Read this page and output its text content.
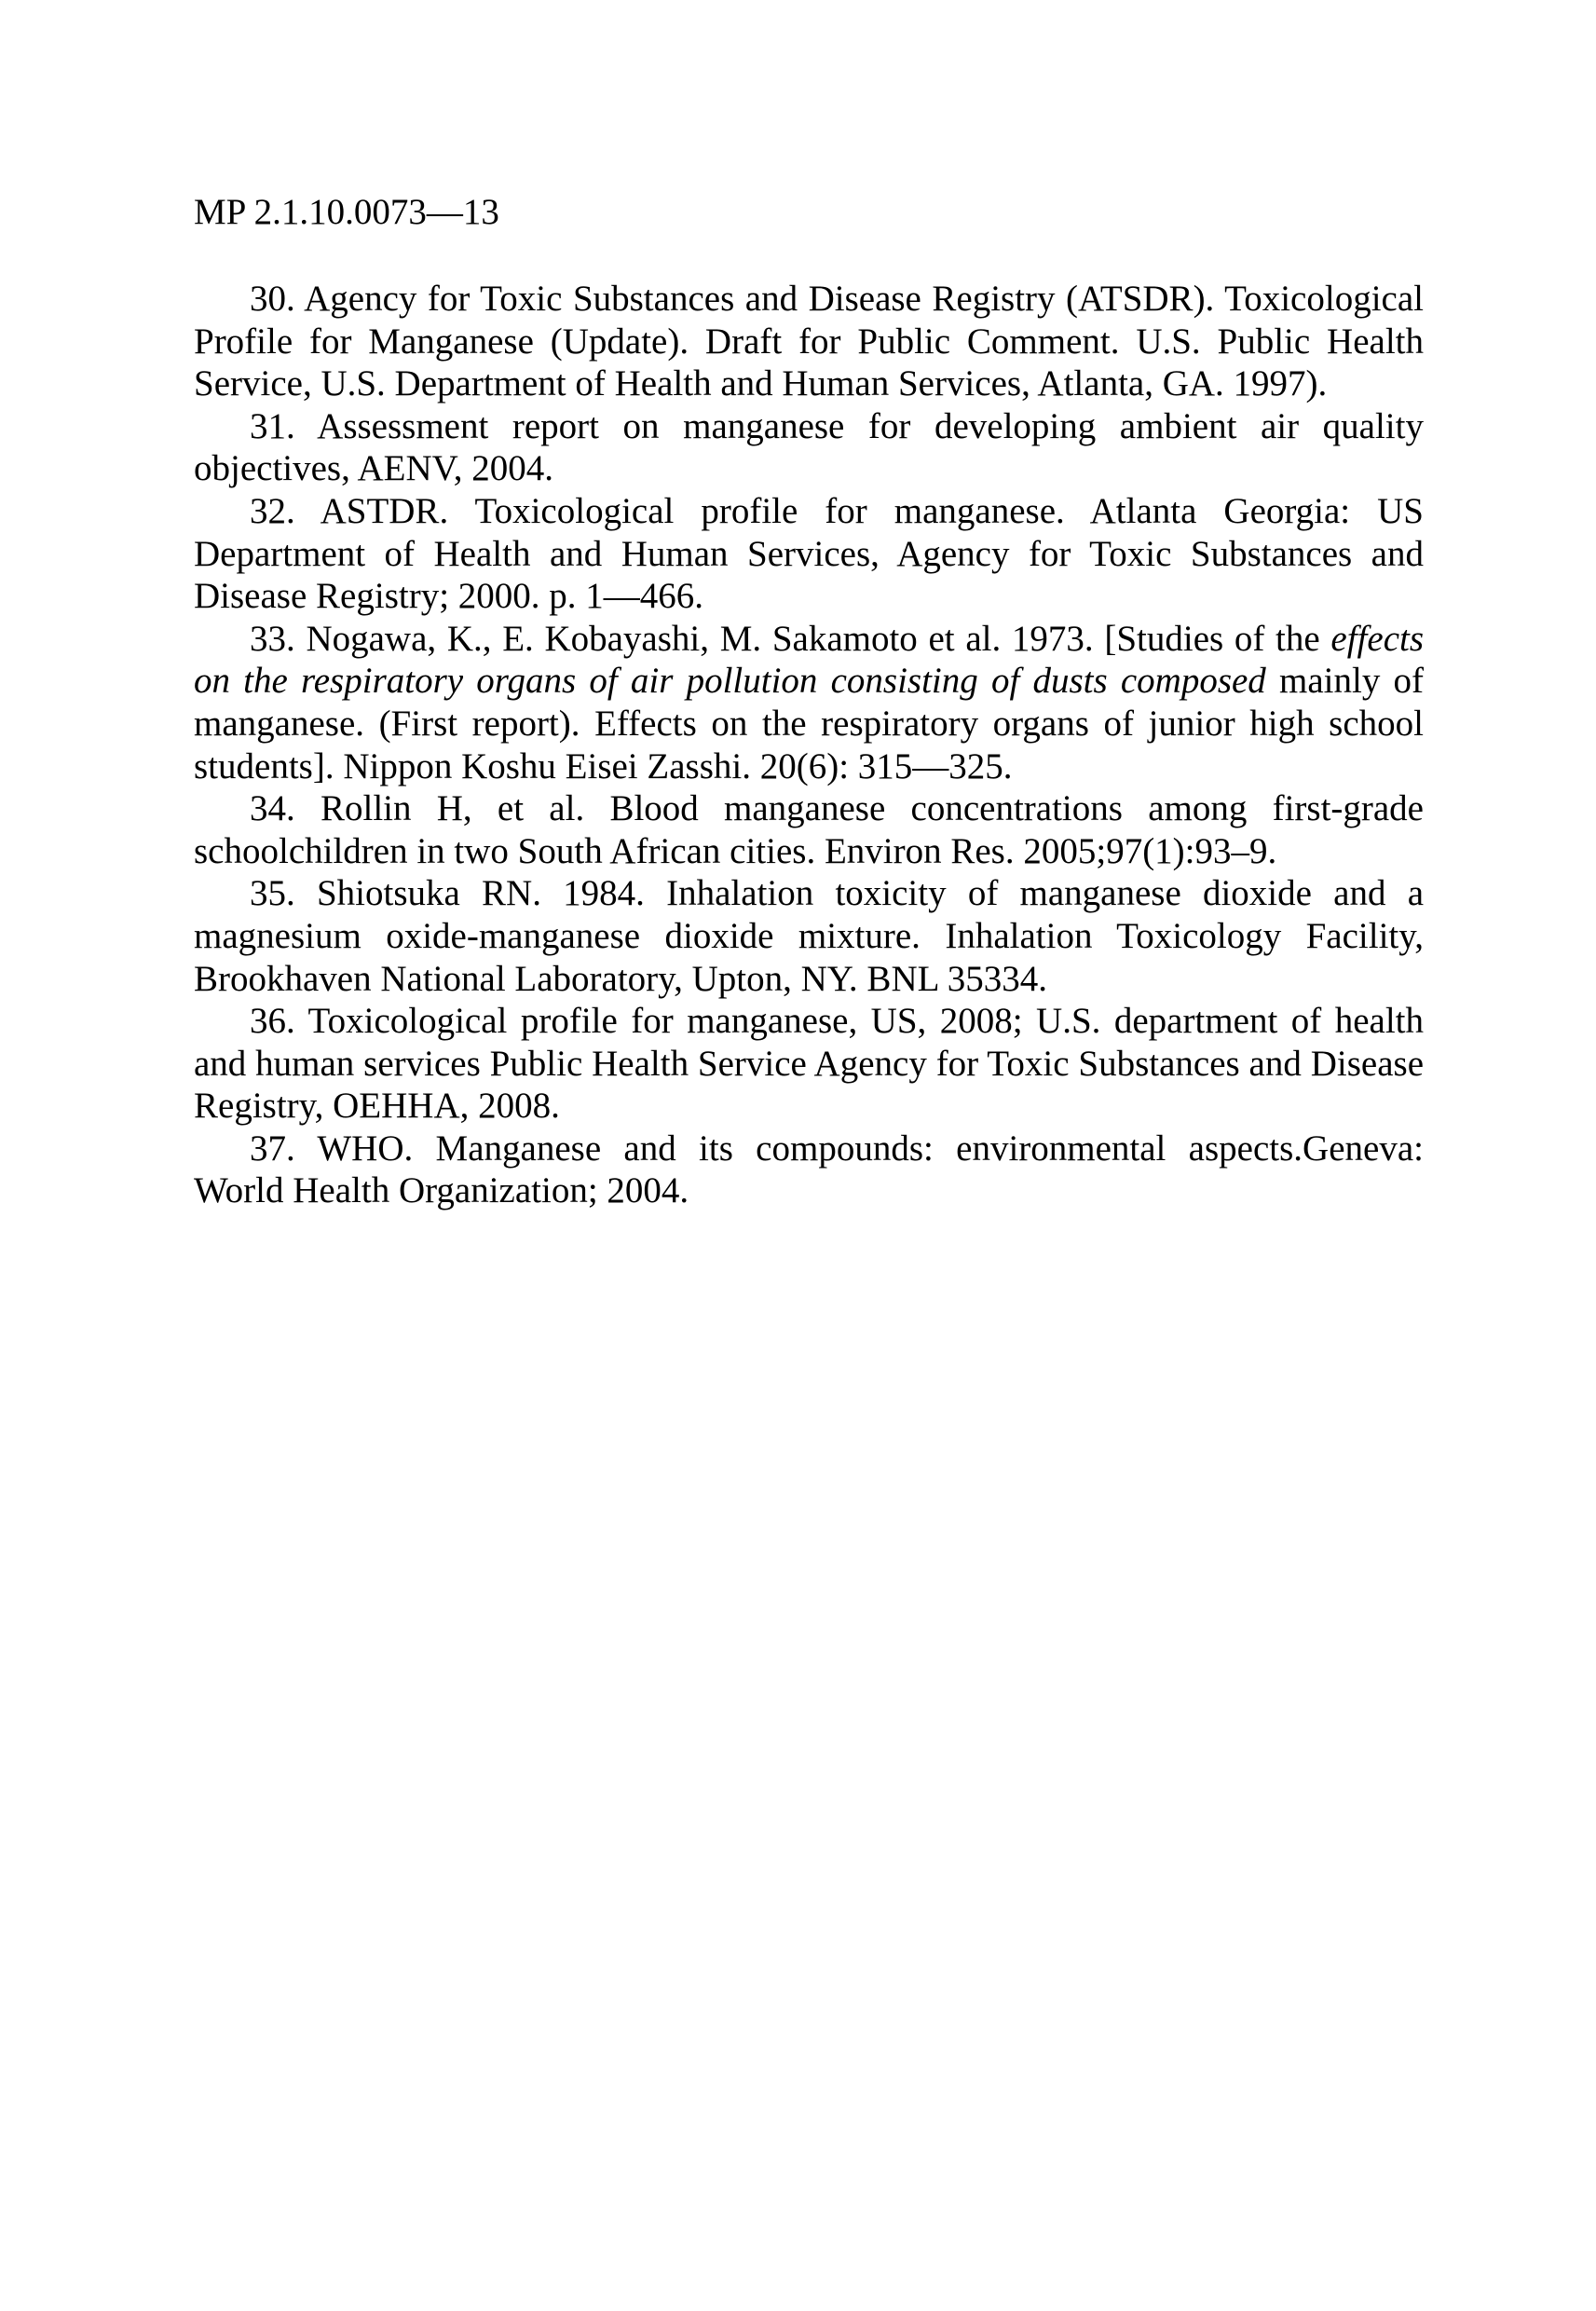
MP 2.1.10.0073—13

30. Agency for Toxic Substances and Disease Registry (ATSDR). Toxicological Profile for Manganese (Update). Draft for Public Comment. U.S. Public Health Service, U.S. Department of Health and Human Services, Atlanta, GA. 1997).

31. Assessment report on manganese for developing ambient air quality objectives, AENV, 2004.

32. ASTDR. Toxicological profile for manganese. Atlanta Georgia: US Department of Health and Human Services, Agency for Toxic Substances and Disease Registry; 2000. p. 1—466.

33. Nogawa, K., E. Kobayashi, M. Sakamoto et al. 1973. [Studies of the effects on the respiratory organs of air pollution consisting of dusts composed mainly of manganese. (First report). Effects on the respiratory organs of junior high school students]. Nippon Koshu Eisei Zasshi. 20(6): 315—325.

34. Rollin H, et al. Blood manganese concentrations among first-grade schoolchildren in two South African cities. Environ Res. 2005;97(1):93–9.

35. Shiotsuka RN. 1984. Inhalation toxicity of manganese dioxide and a magnesium oxide-manganese dioxide mixture. Inhalation Toxicology Facility, Brookhaven National Laboratory, Upton, NY. BNL 35334.

36. Toxicological profile for manganese, US, 2008; U.S. department of health and human services Public Health Service Agency for Toxic Substances and Disease Registry, OEHHA, 2008.

37. WHO. Manganese and its compounds: environmental aspects.Geneva: World Health Organization; 2004.
